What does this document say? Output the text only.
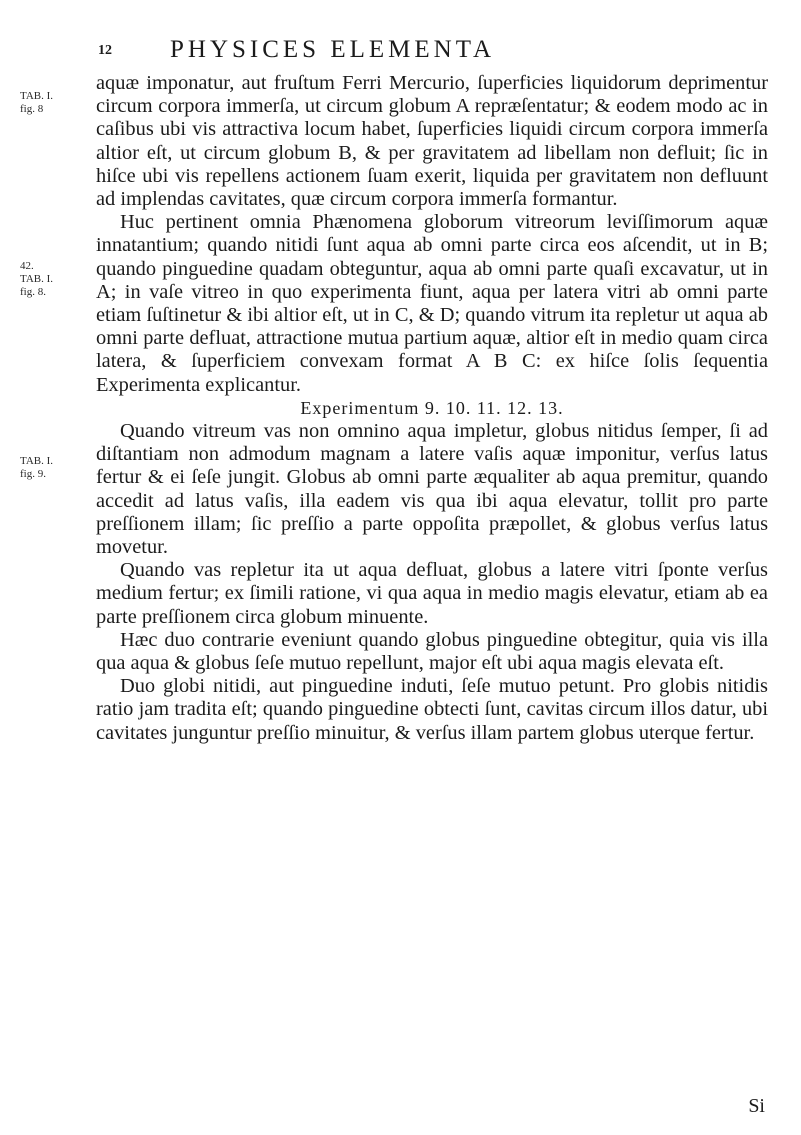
12 PHYSICES ELEMENTA
TAB. I.
fig. 8
42.
TAB. I.
fig. 8.
TAB. I.
fig. 9.

aquæ imponatur, aut fruſtum Ferri Mercurio, ſuperficies liquidorum deprimentur circum corpora immerſa, ut circum globum A repræſentatur; & eodem modo ac in caſibus ubi vis attractiva locum habet, ſuperficies liquidi circum corpora immerſa altior eſt, ut circum globum B, & per gravitatem ad libellam non defluit; ſic in hiſce ubi vis repellens actionem ſuam exerit, liquida per gravitatem non defluunt ad implendas cavitates, quæ circum corpora immerſa formantur.

Huc pertinent omnia Phænomena globorum vitreorum leviſſimorum aquæ innatantium; quando nitidi ſunt aqua ab omni parte circa eos aſcendit, ut in B; quando pinguedine quadam obteguntur, aqua ab omni parte quaſi excavatur, ut in A; in vaſe vitreo in quo experimenta fiunt, aqua per latera vitri ab omni parte etiam ſuſtinetur & ibi altior eſt, ut in C, & D; quando vitrum ita repletur ut aqua ab omni parte defluat, attractione mutua partium aquæ, altior eſt in medio quam circa latera, & ſuperficiem convexam format A B C: ex hiſce ſolis ſequentia Experimenta explicantur.

Experimentum 9. 10. 11. 12. 13.

Quando vitreum vas non omnino aqua impletur, globus nitidus ſemper, ſi ad diſtantiam non admodum magnam a latere vaſis aquæ imponitur, verſus latus fertur & ei ſeſe jungit. Globus ab omni parte æqualiter ab aqua premitur, quando accedit ad latus vaſis, illa eadem vis qua ibi aqua elevatur, tollit pro parte preſſionem illam; ſic preſſio a parte oppoſita præpollet, & globus verſus latus movetur.

Quando vas repletur ita ut aqua defluat, globus a latere vitri ſponte verſus medium fertur; ex ſimili ratione, vi qua aqua in medio magis elevatur, etiam ab ea parte preſſionem circa globum minuente.

Hæc duo contrarie eveniunt quando globus pinguedine obtegitur, quia vis illa qua aqua & globus ſeſe mutuo repellunt, major eſt ubi aqua magis elevata eſt.

Duo globi nitidi, aut pinguedine induti, ſeſe mutuo petunt. Pro globis nitidis ratio jam tradita eſt; quando pinguedine obtecti ſunt, cavitas circum illos datur, ubi cavitates junguntur preſſio minuitur, & verſus illam partem globus uterque fertur.

Si
